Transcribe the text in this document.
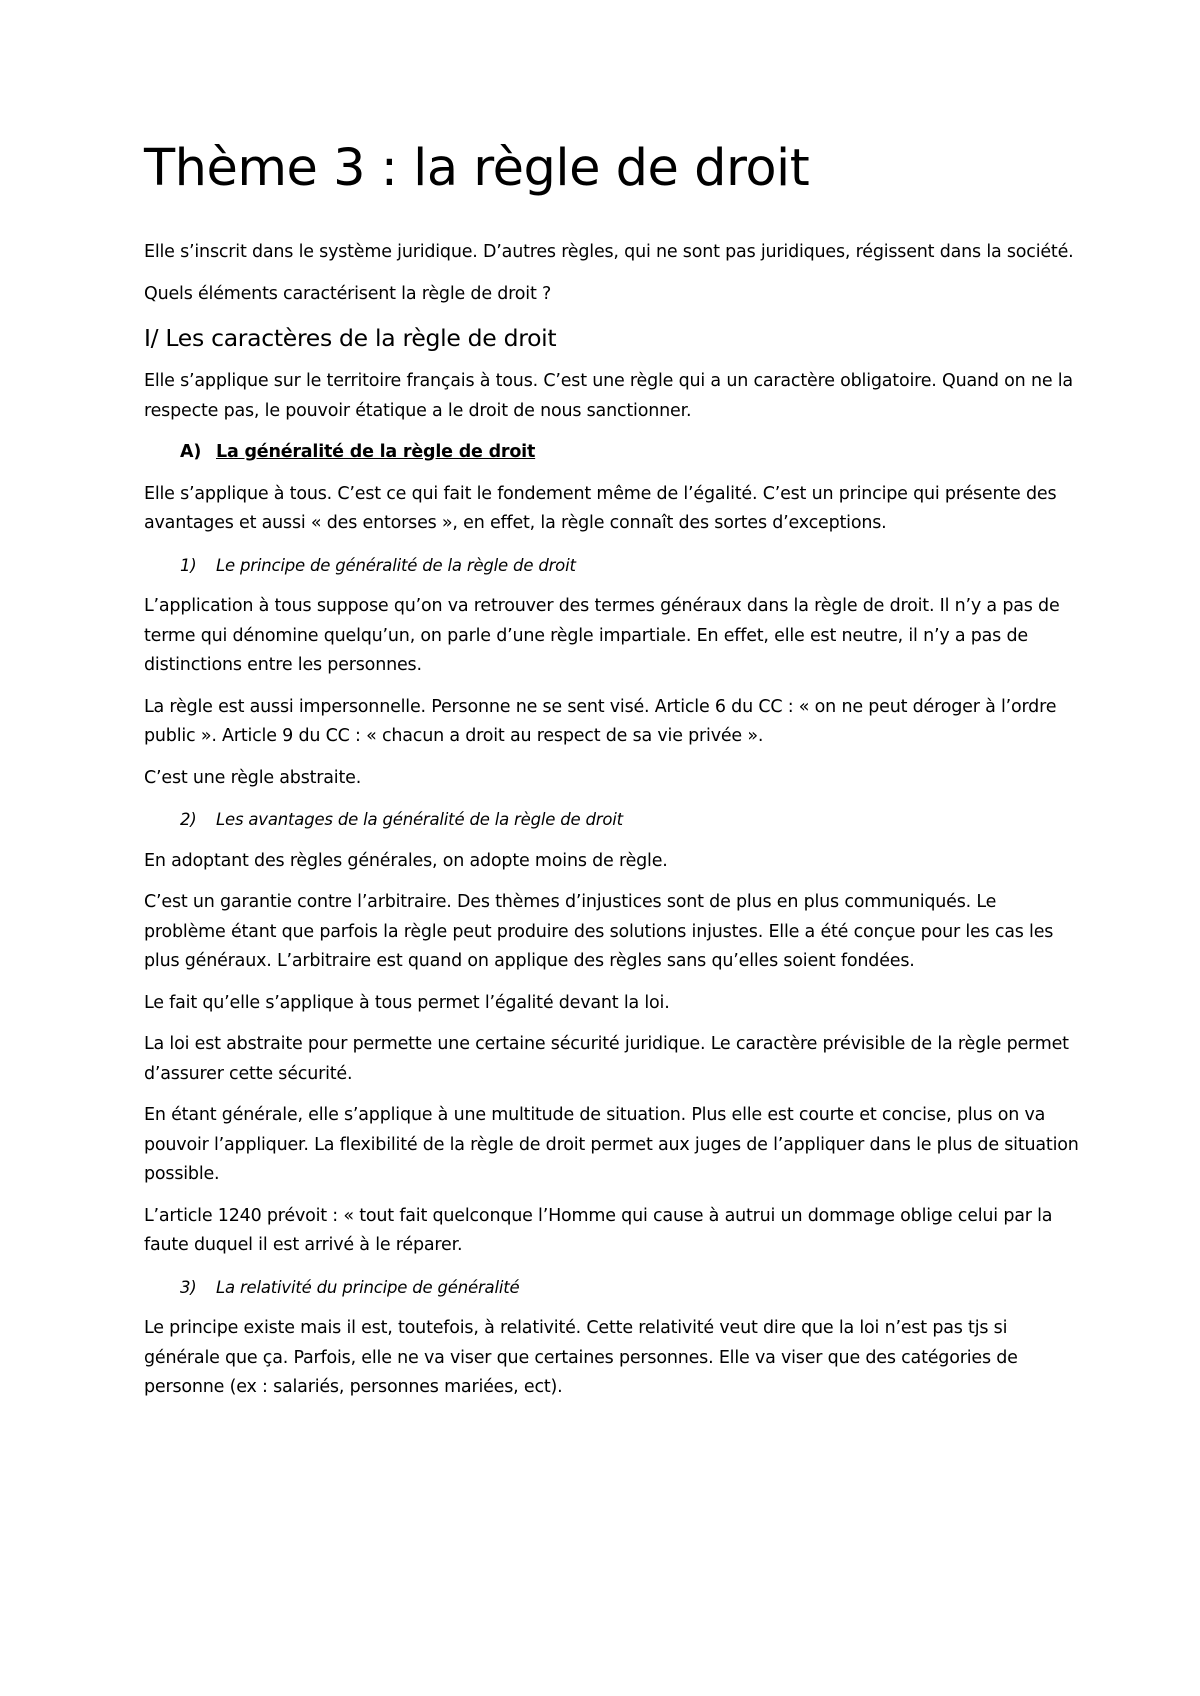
Thème 3 : la règle de droit

Elle s’inscrit dans le système juridique. D’autres règles, qui ne sont pas juridiques, régissent dans la société.

Quels éléments caractérisent la règle de droit ?

I/ Les caractères de la règle de droit

Elle s’applique sur le territoire français à tous. C’est une règle qui a un caractère obligatoire. Quand on ne la respecte pas, le pouvoir étatique a le droit de nous sanctionner.

A) La généralité de la règle de droit

Elle s’applique à tous. C’est ce qui fait le fondement même de l’égalité. C’est un principe qui présente des avantages et aussi « des entorses », en effet, la règle connaît des sortes d’exceptions.

1) Le principe de généralité de la règle de droit

L’application à tous suppose qu’on va retrouver des termes généraux dans la règle de droit. Il n’y a pas de terme qui dénomine quelqu’un, on parle d’une règle impartiale. En effet, elle est neutre, il n’y a pas de distinctions entre les personnes.

La règle est aussi impersonnelle. Personne ne se sent visé. Article 6 du CC : « on ne peut déroger à l’ordre public ». Article 9 du CC : « chacun a droit au respect de sa vie privée ».

C’est une règle abstraite.

2) Les avantages de la généralité de la règle de droit

En adoptant des règles générales, on adopte moins de règle.

C’est un garantie contre l’arbitraire. Des thèmes d’injustices sont de plus en plus communiqués. Le problème étant que parfois la règle peut produire des solutions injustes. Elle a été conçue pour les cas les plus généraux. L’arbitraire est quand on applique des règles sans qu’elles soient fondées.

Le fait qu’elle s’applique à tous permet l’égalité devant la loi.

La loi est abstraite pour permette une certaine sécurité juridique. Le caractère prévisible de la règle permet d’assurer cette sécurité.

En étant générale, elle s’applique à une multitude de situation. Plus elle est courte et concise, plus on va pouvoir l’appliquer. La flexibilité de la règle de droit permet aux juges de l’appliquer dans le plus de situation possible.

L’article 1240 prévoit : « tout fait quelconque l’Homme qui cause à autrui un dommage oblige celui par la faute duquel il est arrivé à le réparer.

3) La relativité du principe de généralité

Le principe existe mais il est, toutefois, à relativité. Cette relativité veut dire que la loi n’est pas tjs si générale que ça. Parfois, elle ne va viser que certaines personnes. Elle va viser que des catégories de personne (ex : salariés, personnes mariées, ect).
